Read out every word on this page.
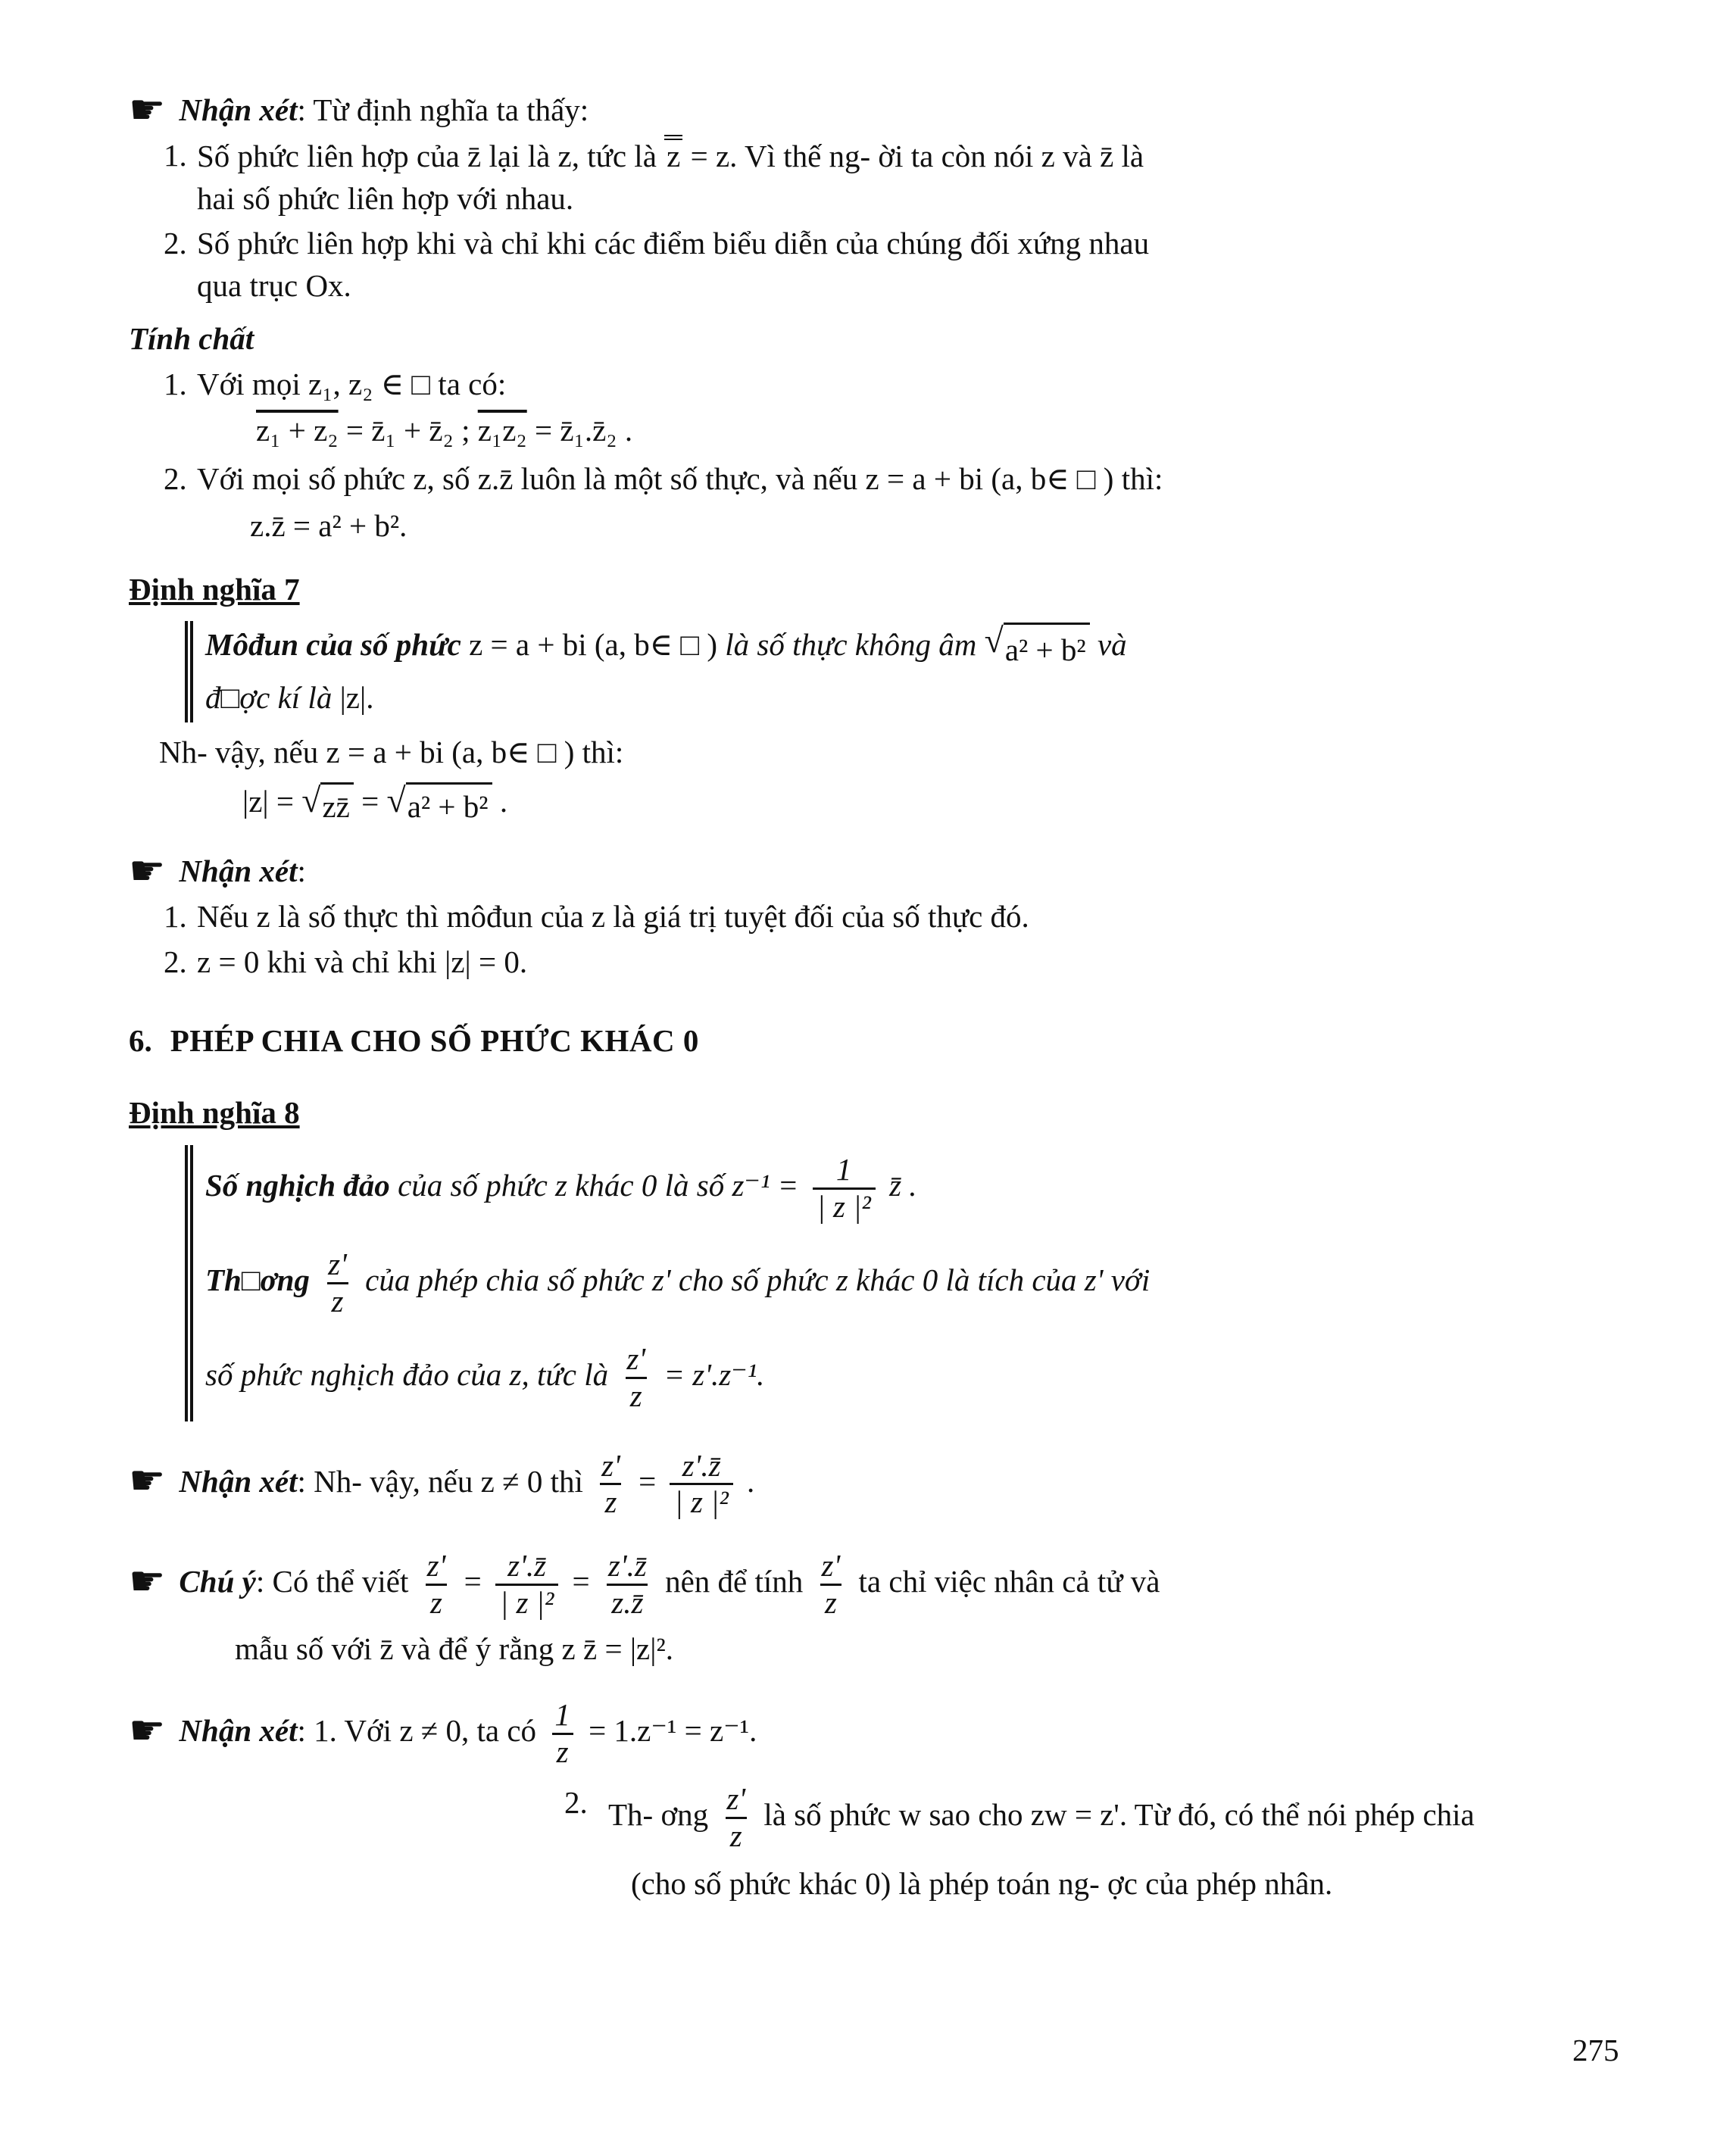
☛ Nhận xét: Từ định nghĩa ta thấy:
1. Số phức liên hợp của z̄ lại là z, tức là z = z. Vì thế ng- ời ta còn nói z và z̄ là
hai số phức liên hợp với nhau.
2. Số phức liên hợp khi và chỉ khi các điểm biểu diễn của chúng đối xứng nhau
qua trục Ox.
Tính chất
1. Với mọi z₁, z₂ ∈ □ ta có:
z₁ + z₂ = z̄₁ + z̄₂ ; z₁z₂ = z̄₁.z̄₂ .
2. Với mọi số phức z, số z.z̄ luôn là một số thực, và nếu z = a + bi (a, b∈ □ ) thì:
z.z̄ = a² + b².
Định nghĩa 7
Môđun của số phức z = a + bi (a, b∈ □ ) là số thực không âm √ a² + b² và
đ□ợc kí là |z|.
Nh- vậy, nếu z = a + bi (a, b∈ □ ) thì:
|z| = √ zz̄ = √ a² + b² .
☛ Nhận xét:
1. Nếu z là số thực thì môđun của z là giá trị tuyệt đối của số thực đó.
2. z = 0 khi và chỉ khi |z| = 0.
6. PHÉP CHIA CHO SỐ PHỨC KHÁC 0
Định nghĩa 8
Số nghịch đảo của số phức z khác 0 là số $z^{-1} = \frac{1}{\text{| z |²}}$ z̄ .
Th□ơng $\frac{z'}{z}$ của phép chia số phức z' cho số phức z khác 0 là tích của z' với
số phức nghịch đảo của z, tức là $\frac{z'}{z} = z'.z^{-1}$.
☛ Nhận xét: Nh- vậy, nếu z ≠ 0 thì $\frac{z'}{z} = \frac{z'.z̄}{\text{| z |²}}$ .
☛ Chú ý: Có thể viết $\frac{z'}{z} = \frac{z'.z̄}{\text{| z |²}} = \frac{z'.z̄}{z.z̄}$ nên để tính $\frac{z'}{z}$ ta chỉ việc nhân cả tử và
mẫu số với z̄ và để ý rằng z z̄ = |z|².
☛ Nhận xét: 1. Với z ≠ 0, ta có $\frac{1}{z} = 1.z^{-1} = z^{-1}$.
2. Th- ơng $\frac{z'}{z}$ là số phức w sao cho zw = z'. Từ đó, có thể nói phép chia
(cho số phức khác 0) là phép toán ng- ợc của phép nhân.
275
